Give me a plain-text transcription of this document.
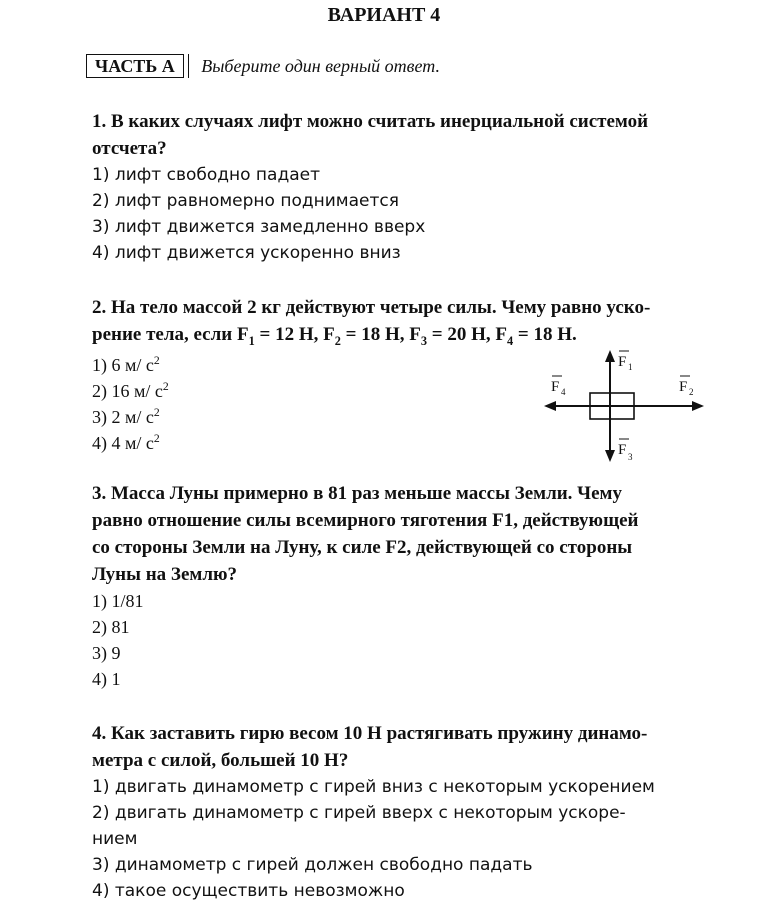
ВАРИАНТ 4
ЧАСТЬ А	Выберите один верный ответ.
1. В каких случаях лифт можно считать инерциальной системой
отсчета?
1) лифт свободно падает
2) лифт равномерно поднимается
3) лифт движется замедленно вверх
4) лифт движется ускоренно вниз
2. На тело массой 2 кг действуют четыре силы. Чему равно уско-
рение тела, если $F_1 = 12$ Н, $F_2 = 18$ Н, $F_3 = 20$ Н, $F_4 = 18$ Н.
1) 6 м/ $с^2$
2) 16 м/ $с^2$
3) 2 м/ $с^2$
4) 4 м/ $с^2$
F 1
F 2
F 3
F 4
3. Масса Луны примерно в 81 раз меньше массы Земли. Чему
равно отношение силы всемирного тяготения F1, действующей
со стороны Земли на Луну, к силе F2, действующей со стороны
Луны на Землю?
1) 1/81
2) 81
3) 9
4) 1
4. Как заставить гирю весом 10 Н растягивать пружину динамо-
метра с силой, большей 10 Н?
1) двигать динамометр с гирей вниз с некоторым ускорением
2) двигать динамометр с гирей вверх с некоторым ускоре-
нием
3) динамометр с гирей должен свободно падать
4) такое осуществить невозможно
